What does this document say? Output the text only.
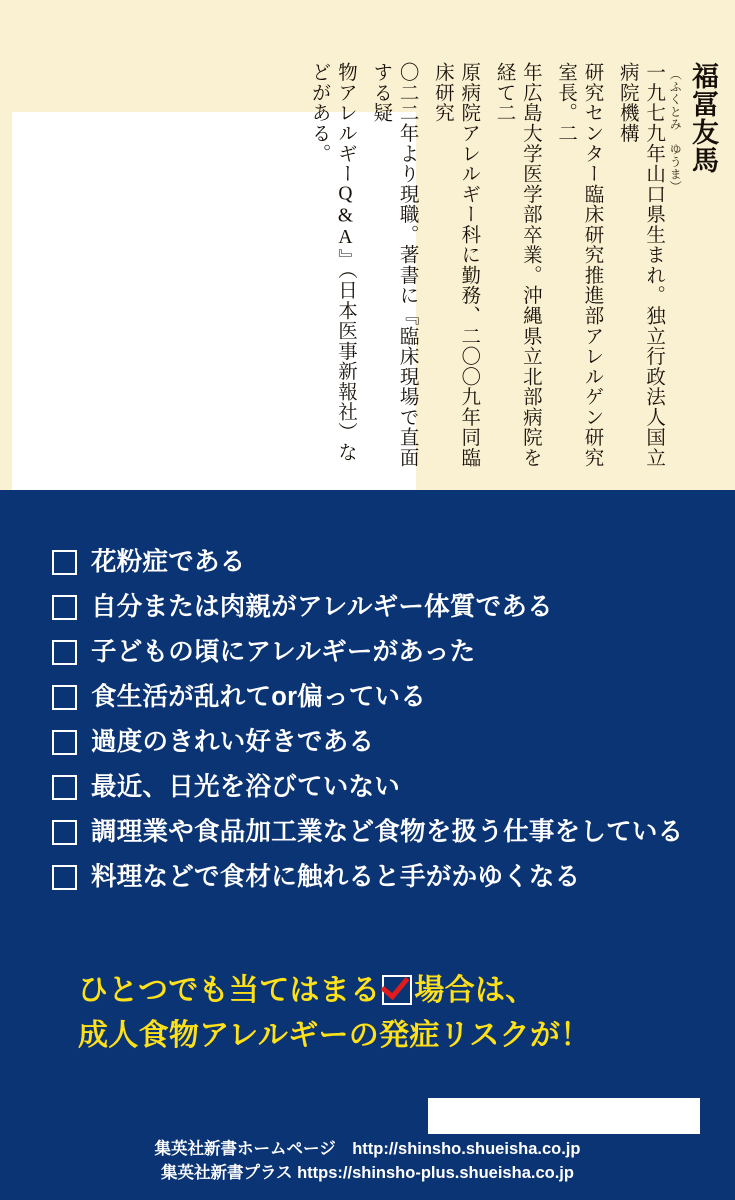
福冨友馬
（ふくとみ　ゆうま）
一九七九年山口県生まれ。独立行政法人国立病院機構
研究センター臨床研究推進部アレルゲン研究室長。二
年広島大学医学部卒業。沖縄県立北部病院を経て二
原病院アレルギー科に勤務、二〇〇九年同臨床研究
〇二二年より現職。著書に『臨床現場で直面する疑
物アレルギーQ&A』（日本医事新報社）などがある。
花粉症である
自分または肉親がアレルギー体質である
子どもの頃にアレルギーがあった
食生活が乱れてor偏っている
過度のきれい好きである
最近、日光を浴びていない
調理業や食品加工業など食物を扱う仕事をしている
料理などで食材に触れると手がかゆくなる
ひとつでも当てはまる 場合は、
成人食物アレルギーの発症リスクが！
集英社新書ホームページ　http://shinsho.shueisha.co.jp
集英社新書プラス https://shinsho-plus.shueisha.co.jp
